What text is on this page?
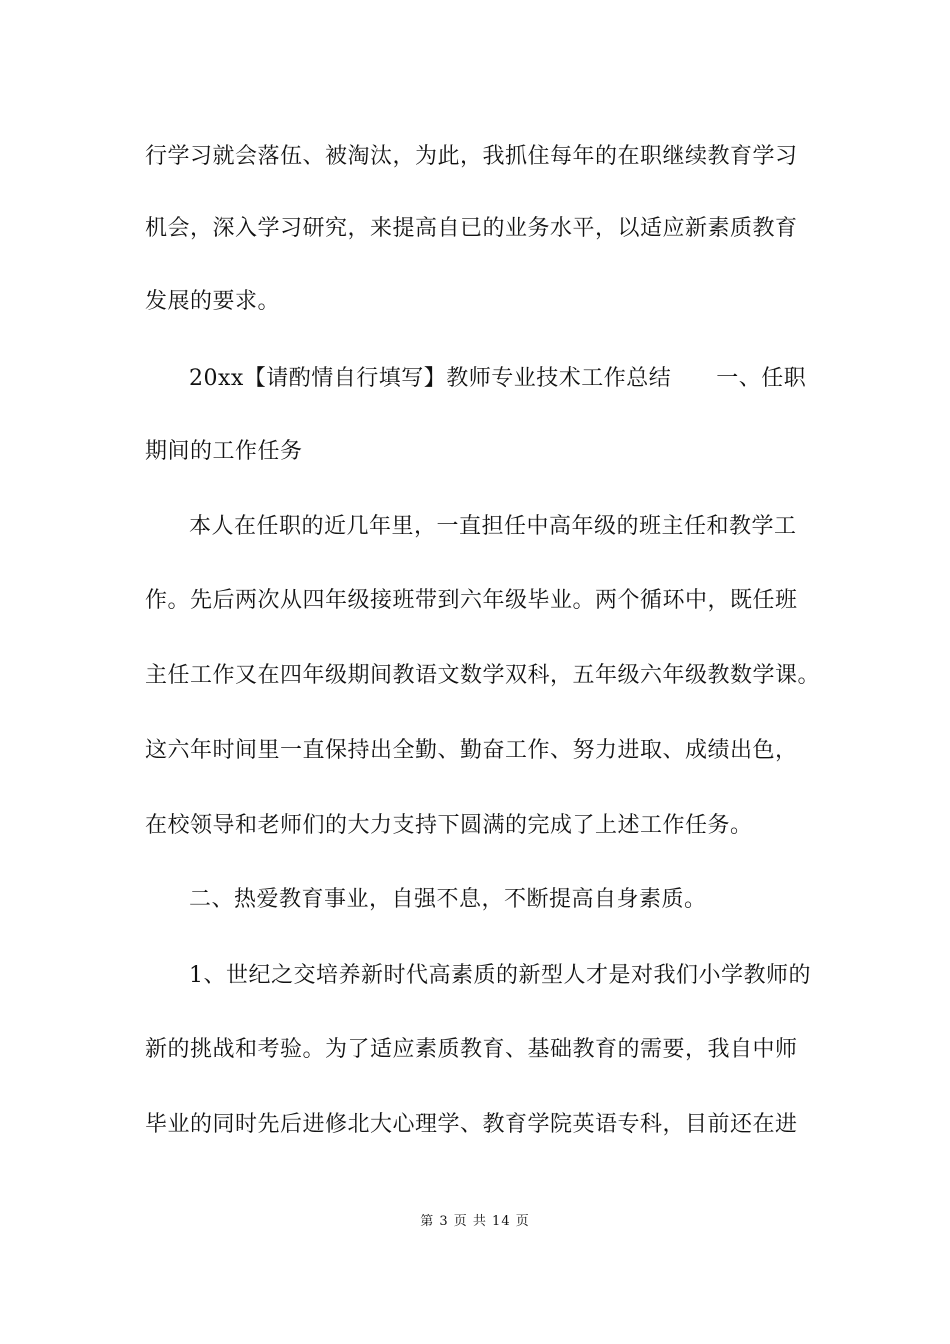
行学习就会落伍、被淘汰，为此，我抓住每年的在职继续教育学习
机会，深入学习研究，来提高自已的业务水平，以适应新素质教育
发展的要求。
20xx【请酌情自行填写】教师专业技术工作总结　　一、任职
期间的工作任务
本人在任职的近几年里，一直担任中高年级的班主任和教学工
作。先后两次从四年级接班带到六年级毕业。两个循环中，既任班
主任工作又在四年级期间教语文数学双科，五年级六年级教数学课。
这六年时间里一直保持出全勤、勤奋工作、努力进取、成绩出色，
在校领导和老师们的大力支持下圆满的完成了上述工作任务。
二、热爱教育事业，自强不息，不断提高自身素质。
1、世纪之交培养新时代高素质的新型人才是对我们小学教师的
新的挑战和考验。为了适应素质教育、基础教育的需要，我自中师
毕业的同时先后进修北大心理学、教育学院英语专科，目前还在进
第 3 页 共 14 页
